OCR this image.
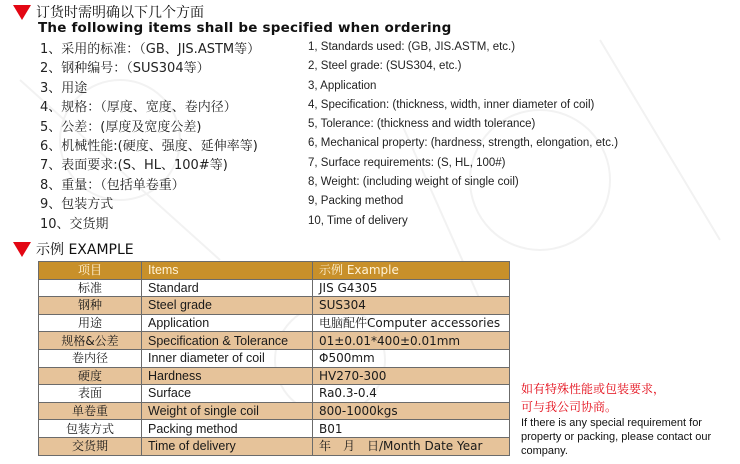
订货时需明确以下几个方面
The following items shall be specified when ordering
1、采用的标准：（GB、JIS.ASTM等）
2、钢种编号：（SUS304等）
3、用途
4、规格：（厚度、宽度、卷内径）
5、公差：(厚度及宽度公差)
6、机械性能:(硬度、强度、延伸率等)
7、表面要求:(S、HL、100#等)
8、重量：（包括单卷重）
9、包装方式
10、交货期
1, Standards used: (GB, JIS.ASTM, etc.)
2, Steel grade: (SUS304, etc.)
3, Application
4, Specification: (thickness, width, inner diameter of coil)
5, Tolerance: (thickness and width tolerance)
6, Mechanical property: (hardness, strength, elongation, etc.)
7, Surface requirements: (S, HL, 100#)
8, Weight: (including weight of single coil)
9, Packing method
10, Time of delivery
示例 EXAMPLE
项目	Items	示例 Example
标准	Standard	JIS G4305
钢种	Steel grade	SUS304
用途	Application	电脑配件Computer accessories
规格&公差	Specification & Tolerance	01±0.01*400±0.01mm
卷内径	Inner diameter of coil	Φ500mm
硬度	Hardness	HV270-300
表面	Surface	Ra0.3-0.4
单卷重	Weight of single coil	800-1000kgs
包装方式	Packing method	B01
交货期	Time of delivery	年　月　日/Month Date Year
如有特殊性能或包装要求，
可与我公司协商。
If there is any special requirement for property or packing, please contact our company.
